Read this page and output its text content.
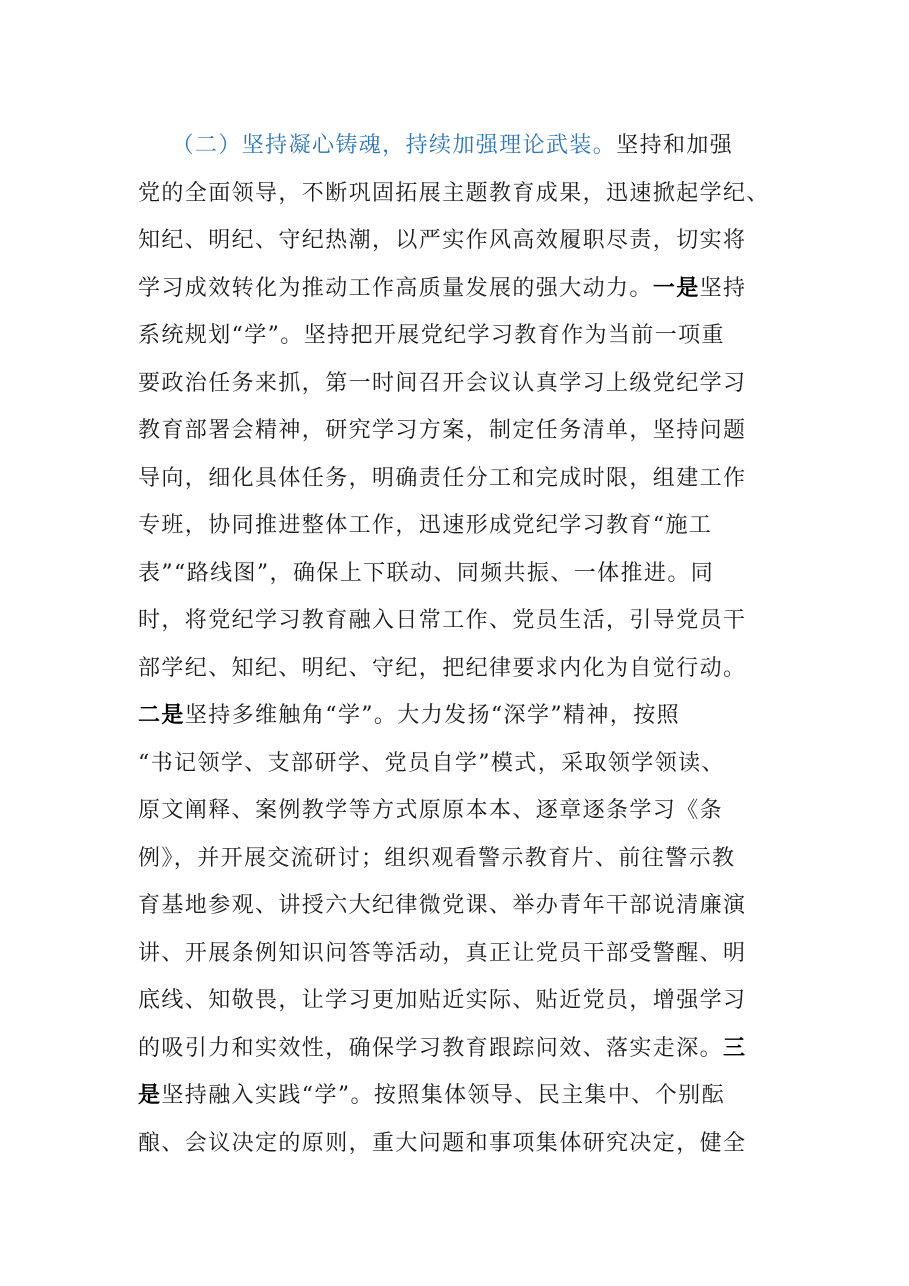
（二）坚持凝心铸魂，持续加强理论武装。坚持和加强
党的全面领导，不断巩固拓展主题教育成果，迅速掀起学纪、
知纪、明纪、守纪热潮，以严实作风高效履职尽责，切实将
学习成效转化为推动工作高质量发展的强大动力。一是坚持
系统规划“学”。坚持把开展党纪学习教育作为当前一项重
要政治任务来抓，第一时间召开会议认真学习上级党纪学习
教育部署会精神，研究学习方案，制定任务清单，坚持问题
导向，细化具体任务，明确责任分工和完成时限，组建工作
专班，协同推进整体工作，迅速形成党纪学习教育“施工
表”“路线图”，确保上下联动、同频共振、一体推进。同
时，将党纪学习教育融入日常工作、党员生活，引导党员干
部学纪、知纪、明纪、守纪，把纪律要求内化为自觉行动。
二是坚持多维触角“学”。大力发扬“深学”精神，按照
“书记领学、支部研学、党员自学”模式，采取领学领读、
原文阐释、案例教学等方式原原本本、逐章逐条学习《条
例》，并开展交流研讨；组织观看警示教育片、前往警示教
育基地参观、讲授六大纪律微党课、举办青年干部说清廉演
讲、开展条例知识问答等活动，真正让党员干部受警醒、明
底线、知敬畏，让学习更加贴近实际、贴近党员，增强学习
的吸引力和实效性，确保学习教育跟踪问效、落实走深。三
是坚持融入实践“学”。按照集体领导、民主集中、个别酝
酿、会议决定的原则，重大问题和事项集体研究决定，健全
